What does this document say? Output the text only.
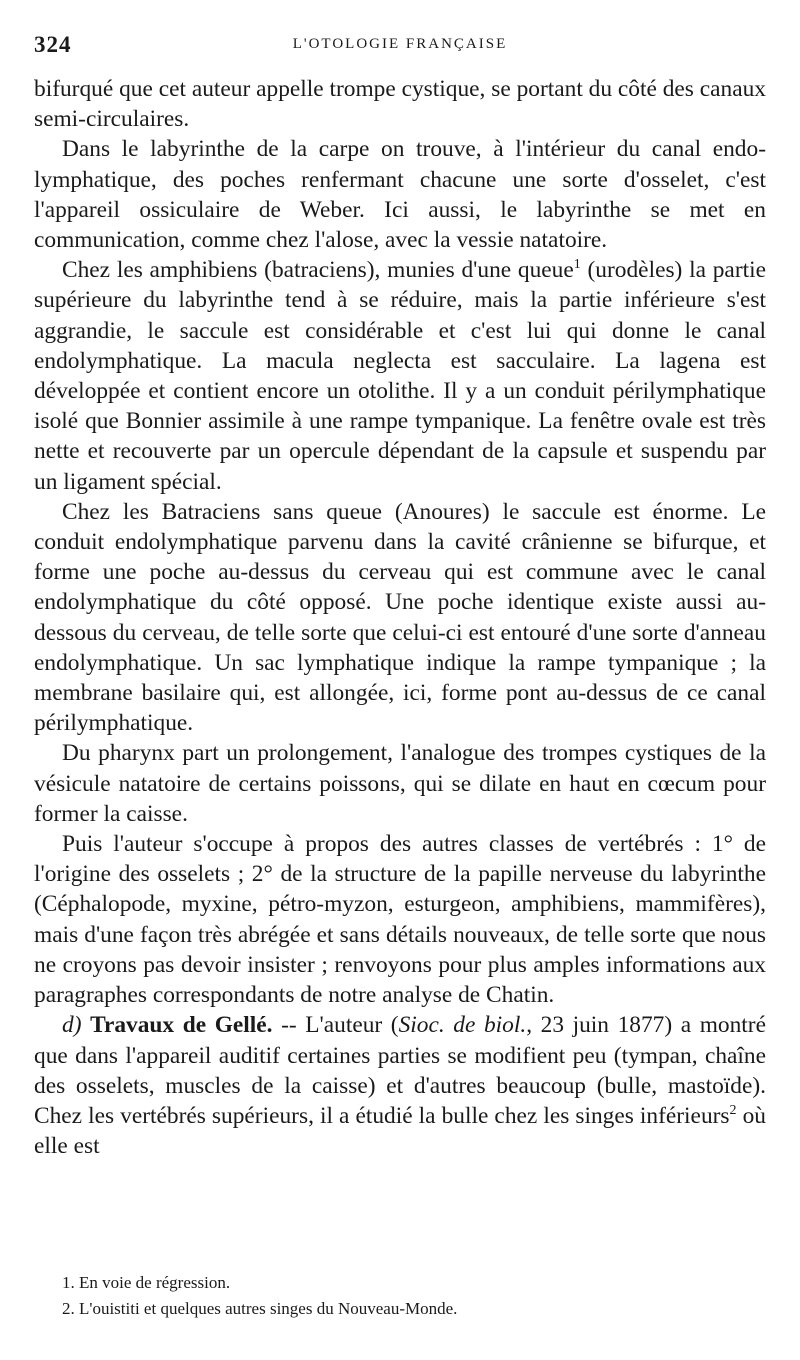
324	L'OTOLOGIE FRANÇAISE

bifurqué que cet auteur appelle trompe cystique, se portant du côté des canaux semi-circulaires.

Dans le labyrinthe de la carpe on trouve, à l'intérieur du canal endo-lymphatique, des poches renfermant chacune une sorte d'osselet, c'est l'appareil ossiculaire de Weber. Ici aussi, le labyrinthe se met en communication, comme chez l'alose, avec la vessie natatoire.

Chez les amphibiens (batraciens), munies d'une queue$^1$ (urodèles) la partie supérieure du labyrinthe tend à se réduire, mais la partie inférieure s'est aggrandie, le saccule est considérable et c'est lui qui donne le canal endolymphatique. La macula neglecta est sacculaire. La lagena est développée et contient encore un otolithe. Il y a un conduit périlymphatique isolé que Bonnier assimile à une rampe tympanique. La fenêtre ovale est très nette et recouverte par un opercule dépendant de la capsule et suspendu par un ligament spécial.

Chez les Batraciens sans queue (Anoures) le saccule est énorme. Le conduit endolymphatique parvenu dans la cavité crânienne se bifurque, et forme une poche au-dessus du cerveau qui est commune avec le canal endolymphatique du côté opposé. Une poche identique existe aussi au-dessous du cerveau, de telle sorte que celui-ci est entouré d'une sorte d'anneau endolymphatique. Un sac lymphatique indique la rampe tympanique ; la membrane basilaire qui, est allongée, ici, forme pont au-dessus de ce canal périlymphatique.

Du pharynx part un prolongement, l'analogue des trompes cystiques de la vésicule natatoire de certains poissons, qui se dilate en haut en cœcum pour former la caisse.

Puis l'auteur s'occupe à propos des autres classes de vertébrés : 1° de l'origine des osselets ; 2° de la structure de la papille nerveuse du labyrinthe (Céphalopode, myxine, pétro-myzon, esturgeon, amphibiens, mammifères), mais d'une façon très abrégée et sans détails nouveaux, de telle sorte que nous ne croyons pas devoir insister ; renvoyons pour plus amples informations aux paragraphes correspondants de notre analyse de Chatin.

d) Travaux de Gellé. -- L'auteur (Sioc. de biol., 23 juin 1877) a montré que dans l'appareil auditif certaines parties se modifient peu (tympan, chaîne des osselets, muscles de la caisse) et d'autres beaucoup (bulle, mastoïde). Chez les vertébrés supérieurs, il a étudié la bulle chez les singes inférieurs$^2$ où elle est

1. En voie de régression.
2. L'ouistiti et quelques autres singes du Nouveau-Monde.
